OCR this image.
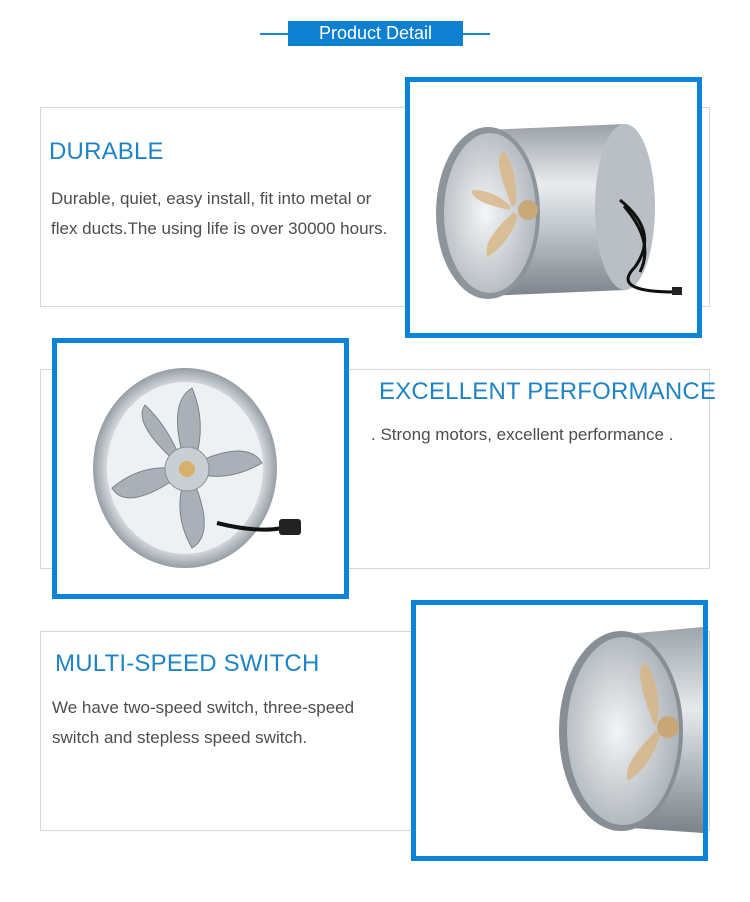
Product Detail
DURABLE
Durable, quiet, easy install, fit into metal or flex ducts.The using life is over 30000 hours.
EXCELLENT PERFORMANCE
. Strong motors, excellent performance .
MULTI-SPEED SWITCH
We have two-speed switch, three-speed switch and stepless speed switch.
